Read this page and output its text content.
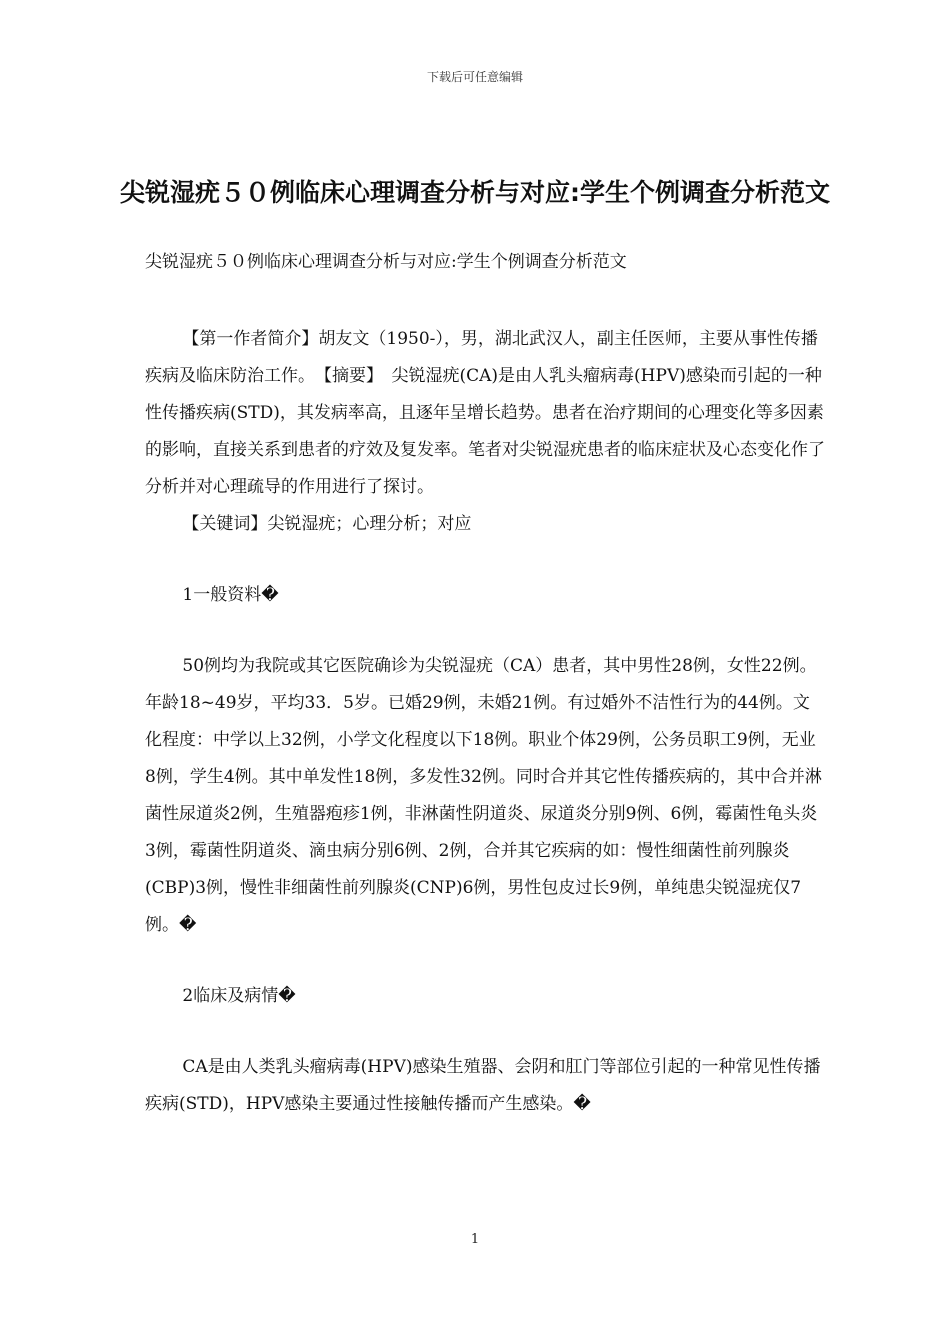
下载后可任意编辑
尖锐湿疣５０例临床心理调查分析与对应:学生个例调查分析范文

尖锐湿疣５０例临床心理调查分析与对应:学生个例调查分析范文

【第一作者简介】胡友文（1950-），男，湖北武汉人，副主任医师，主要从事性传播疾病及临床防治工作。　【摘要】　尖锐湿疣(CA)是由人乳头瘤病毒(HPV)感染而引起的一种性传播疾病(STD)，其发病率高，且逐年呈增长趋势。患者在治疗期间的心理变化等多因素的影响，直接关系到患者的疗效及复发率。笔者对尖锐湿疣患者的临床症状及心态变化作了分析并对心理疏导的作用进行了探讨。

【关键词】尖锐湿疣；心理分析；对应

1一般资料�

50例均为我院或其它医院确诊为尖锐湿疣（CA）患者，其中男性28例，女性22例。年龄18~49岁，平均33．5岁。已婚29例，未婚21例。有过婚外不洁性行为的44例。文化程度：中学以上32例，小学文化程度以下18例。职业个体29例，公务员职工9例，无业8例，学生4例。其中单发性18例，多发性32例。同时合并其它性传播疾病的，其中合并淋菌性尿道炎2例，生殖器疱疹1例，非淋菌性阴道炎、尿道炎分别9例、6例，霉菌性龟头炎3例，霉菌性阴道炎、滴虫病分别6例、2例，合并其它疾病的如：慢性细菌性前列腺炎(CBP)3例，慢性非细菌性前列腺炎(CNP)6例，男性包皮过长9例，单纯患尖锐湿疣仅7例。�

2临床及病情�

CA是由人类乳头瘤病毒(HPV)感染生殖器、会阴和肛门等部位引起的一种常见性传播疾病(STD)，HPV感染主要通过性接触传播而产生感染。�

1
